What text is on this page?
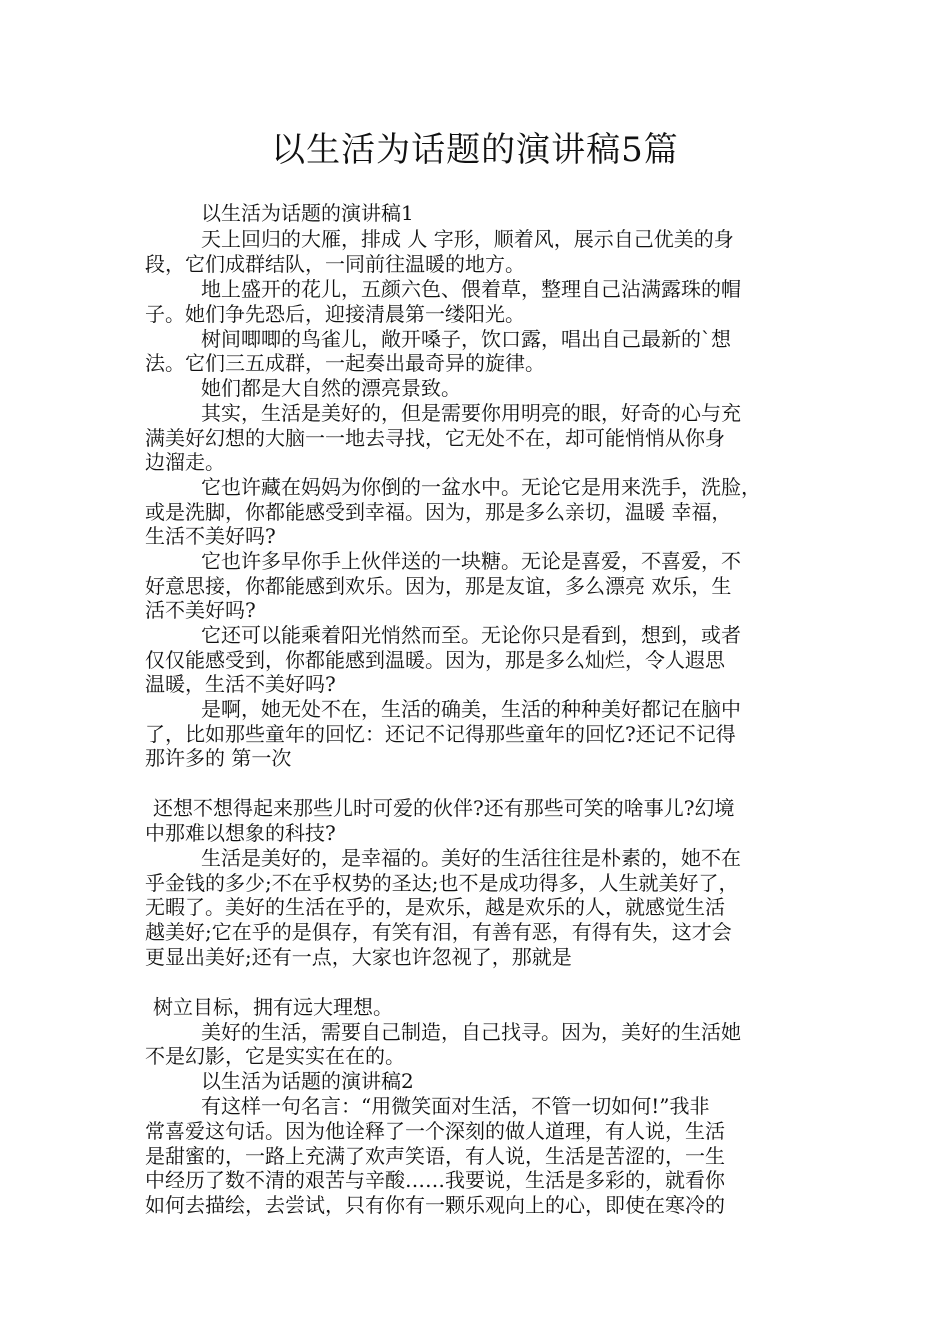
以生活为话题的演讲稿5篇
以生活为话题的演讲稿1
天上回归的大雁，排成 人 字形，顺着风，展示自己优美的身
段，它们成群结队，一同前往温暖的地方。
地上盛开的花儿，五颜六色、偎着草，整理自己沾满露珠的帽
子。她们争先恐后，迎接清晨第一缕阳光。
树间唧唧的鸟雀儿，敞开嗓子，饮口露，唱出自己最新的`想
法。它们三五成群，一起奏出最奇异的旋律。
她们都是大自然的漂亮景致。
其实，生活是美好的，但是需要你用明亮的眼，好奇的心与充
满美好幻想的大脑一一地去寻找，它无处不在，却可能悄悄从你身
边溜走。
它也许藏在妈妈为你倒的一盆水中。无论它是用来洗手，洗脸，
或是洗脚，你都能感受到幸福。因为，那是多么亲切，温暖 幸福，
生活不美好吗?
它也许多早你手上伙伴送的一块糖。无论是喜爱，不喜爱，不
好意思接，你都能感到欢乐。因为，那是友谊，多么漂亮 欢乐，生
活不美好吗?
它还可以能乘着阳光悄然而至。无论你只是看到，想到，或者
仅仅能感受到，你都能感到温暖。因为，那是多么灿烂，令人遐思
温暖，生活不美好吗?
是啊，她无处不在，生活的确美，生活的种种美好都记在脑中
了，比如那些童年的回忆：还记不记得那些童年的回忆?还记不记得
那许多的 第一次
还想不想得起来那些儿时可爱的伙伴?还有那些可笑的啥事儿?幻境
中那难以想象的科技?
生活是美好的，是幸福的。美好的生活往往是朴素的，她不在
乎金钱的多少;不在乎权势的圣达;也不是成功得多，人生就美好了，
无暇了。美好的生活在乎的，是欢乐，越是欢乐的人，就感觉生活
越美好;它在乎的是俱存，有笑有泪，有善有恶，有得有失，这才会
更显出美好;还有一点，大家也许忽视了，那就是
树立目标，拥有远大理想。
美好的生活，需要自己制造，自己找寻。因为，美好的生活她
不是幻影，它是实实在在的。
以生活为话题的演讲稿2
有这样一句名言：“用微笑面对生活，不管一切如何!”我非
常喜爱这句话。因为他诠释了一个深刻的做人道理，有人说，生活
是甜蜜的，一路上充满了欢声笑语，有人说，生活是苦涩的，一生
中经历了数不清的艰苦与辛酸……我要说，生活是多彩的，就看你
如何去描绘，去尝试，只有你有一颗乐观向上的心，即使在寒冷的
